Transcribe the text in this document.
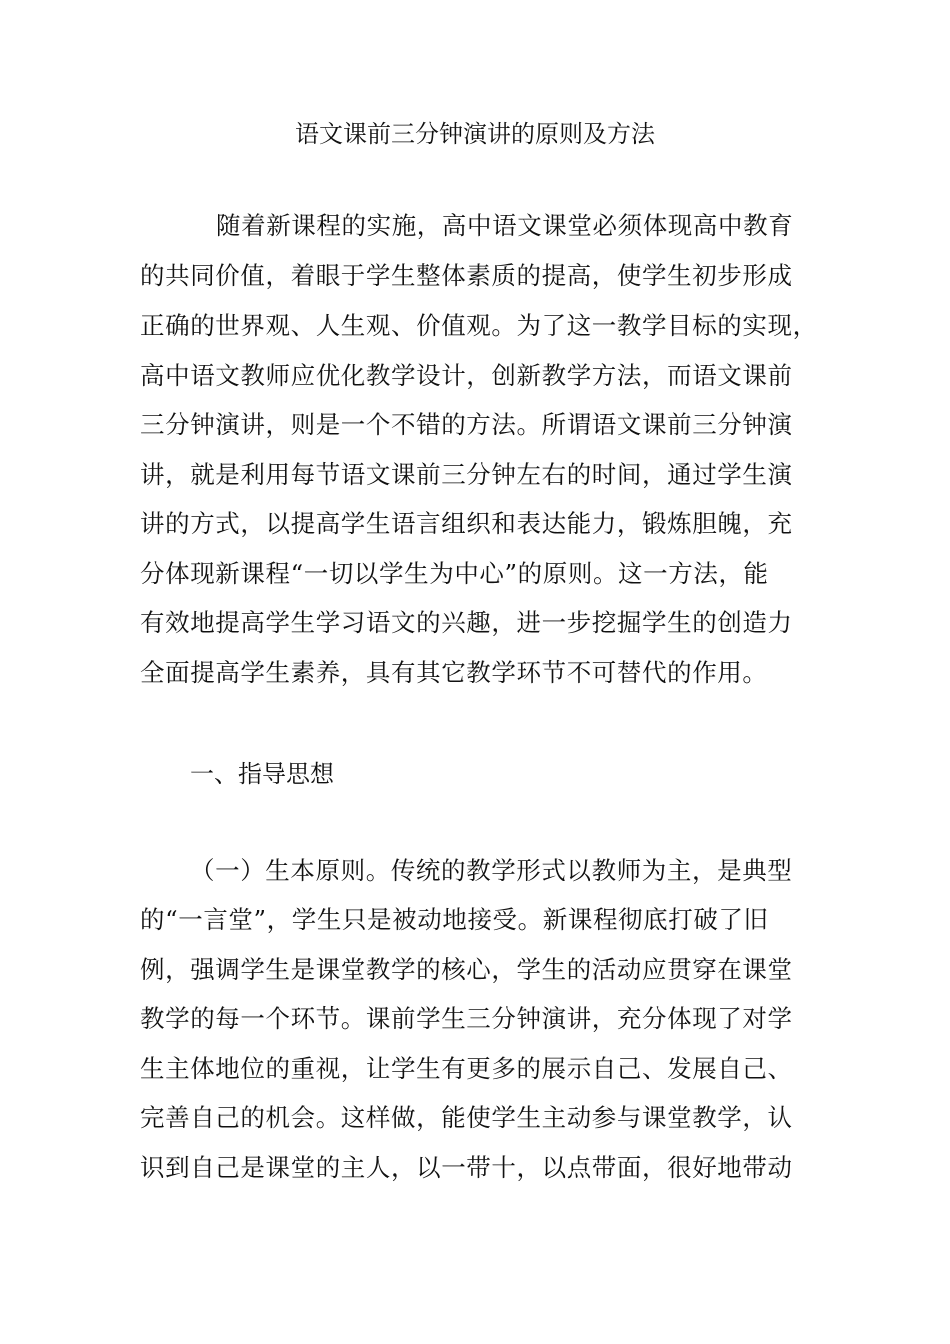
语文课前三分钟演讲的原则及方法
随着新课程的实施，高中语文课堂必须体现高中教育
的共同价值，着眼于学生整体素质的提高，使学生初步形成
正确的世界观、人生观、价值观。为了这一教学目标的实现，
高中语文教师应优化教学设计，创新教学方法，而语文课前
三分钟演讲，则是一个不错的方法。所谓语文课前三分钟演
讲，就是利用每节语文课前三分钟左右的时间，通过学生演
讲的方式，以提高学生语言组织和表达能力，锻炼胆魄，充
分体现新课程“一切以学生为中心”的原则。这一方法，能
有效地提高学生学习语文的兴趣，进一步挖掘学生的创造力
全面提高学生素养，具有其它教学环节不可替代的作用。
一、指导思想
（一）生本原则。传统的教学形式以教师为主，是典型
的“一言堂”，学生只是被动地接受。新课程彻底打破了旧
例，强调学生是课堂教学的核心，学生的活动应贯穿在课堂
教学的每一个环节。课前学生三分钟演讲，充分体现了对学
生主体地位的重视，让学生有更多的展示自己、发展自己、
完善自己的机会。这样做，能使学生主动参与课堂教学，认
识到自己是课堂的主人，以一带十，以点带面，很好地带动
